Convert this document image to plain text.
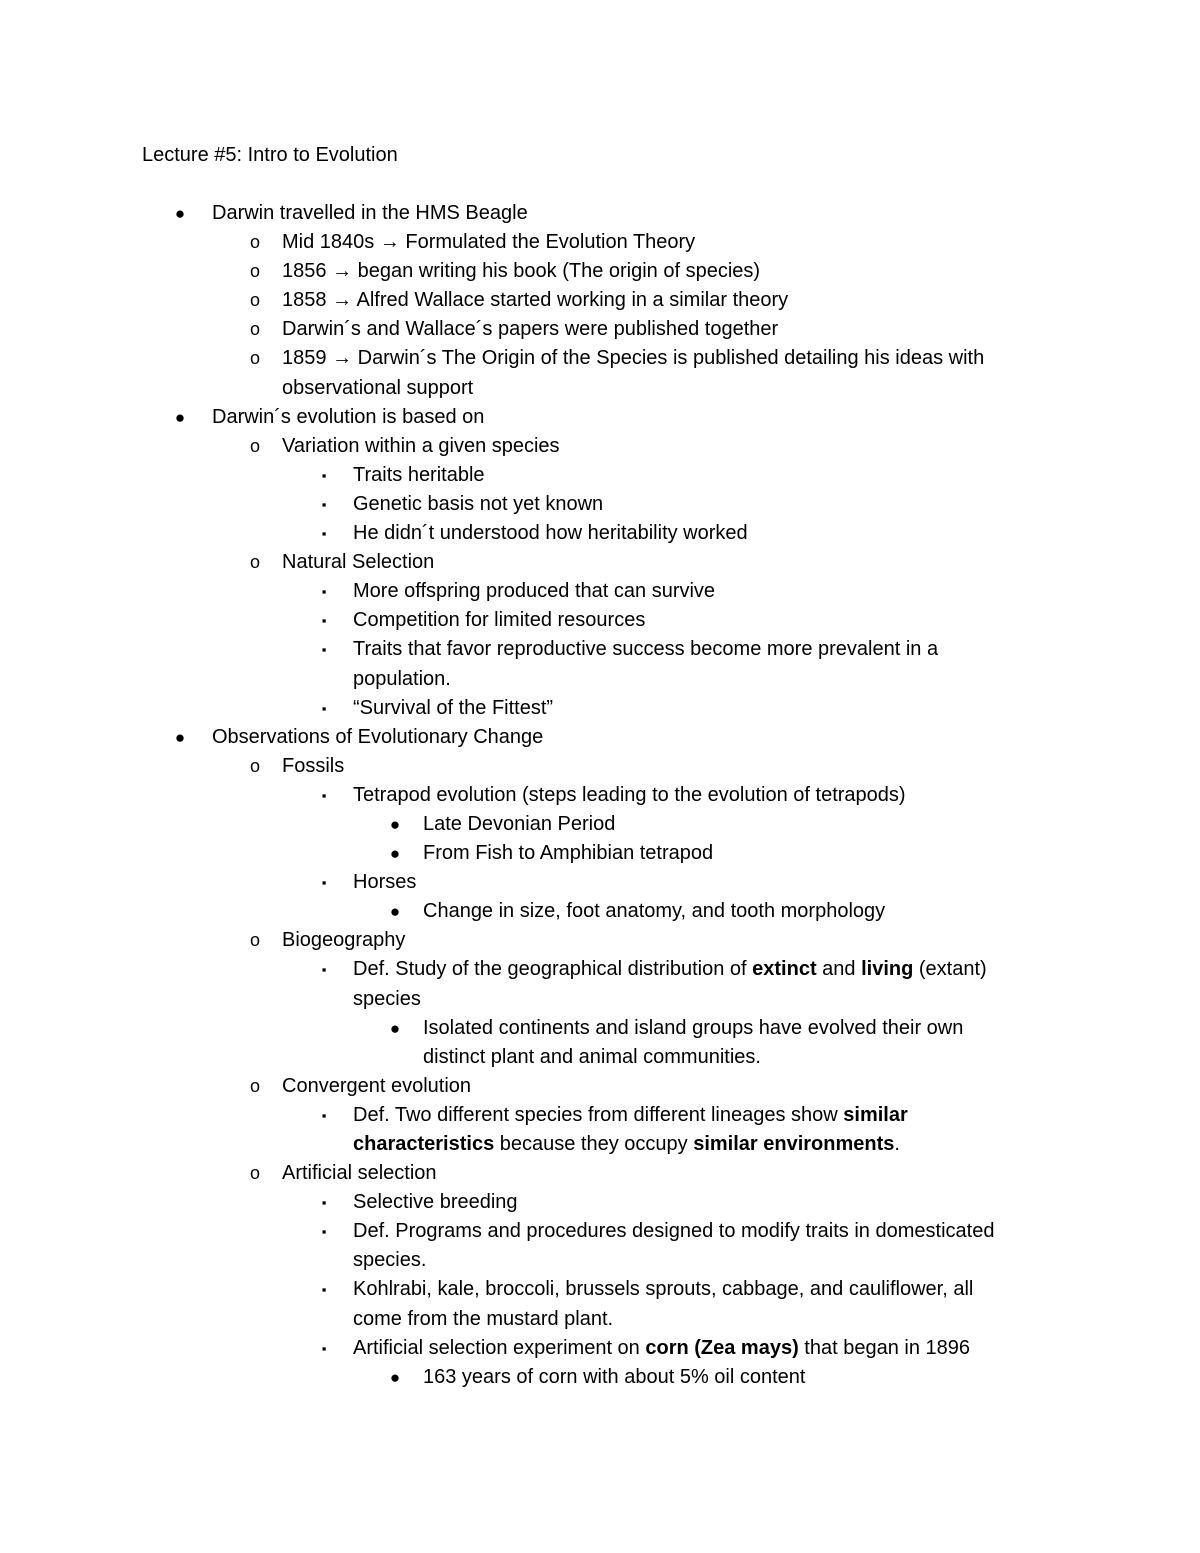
Lecture #5: Intro to Evolution
●	Darwin travelled in the HMS Beagle
o	Mid 1840s → Formulated the Evolution Theory
o	1856 → began writing his book (The origin of species)
o	1858 → Alfred Wallace started working in a similar theory
o	Darwin´s and Wallace´s papers were published together
o	1859 → Darwin´s The Origin of the Species is published detailing his ideas with
observational support
●	Darwin´s evolution is based on
o	Variation within a given species
▪	Traits heritable
▪	Genetic basis not yet known
▪	He didn´t understood how heritability worked
o	Natural Selection
▪	More offspring produced that can survive
▪	Competition for limited resources
▪	Traits that favor reproductive success become more prevalent in a
population.
▪	“Survival of the Fittest”
●	Observations of Evolutionary Change
o	Fossils
▪	Tetrapod evolution (steps leading to the evolution of tetrapods)
●	Late Devonian Period
●	From Fish to Amphibian tetrapod
▪	Horses
●	Change in size, foot anatomy, and tooth morphology
o	Biogeography
▪	Def. Study of the geographical distribution of extinct and living (extant)
species
●	Isolated continents and island groups have evolved their own
distinct plant and animal communities.
o	Convergent evolution
▪	Def. Two different species from different lineages show similar
characteristics because they occupy similar environments.
o	Artificial selection
▪	Selective breeding
▪	Def. Programs and procedures designed to modify traits in domesticated
species.
▪	Kohlrabi, kale, broccoli, brussels sprouts, cabbage, and cauliflower, all
come from the mustard plant.
▪	Artificial selection experiment on corn (Zea mays) that began in 1896
●	163 years of corn with about 5% oil content
